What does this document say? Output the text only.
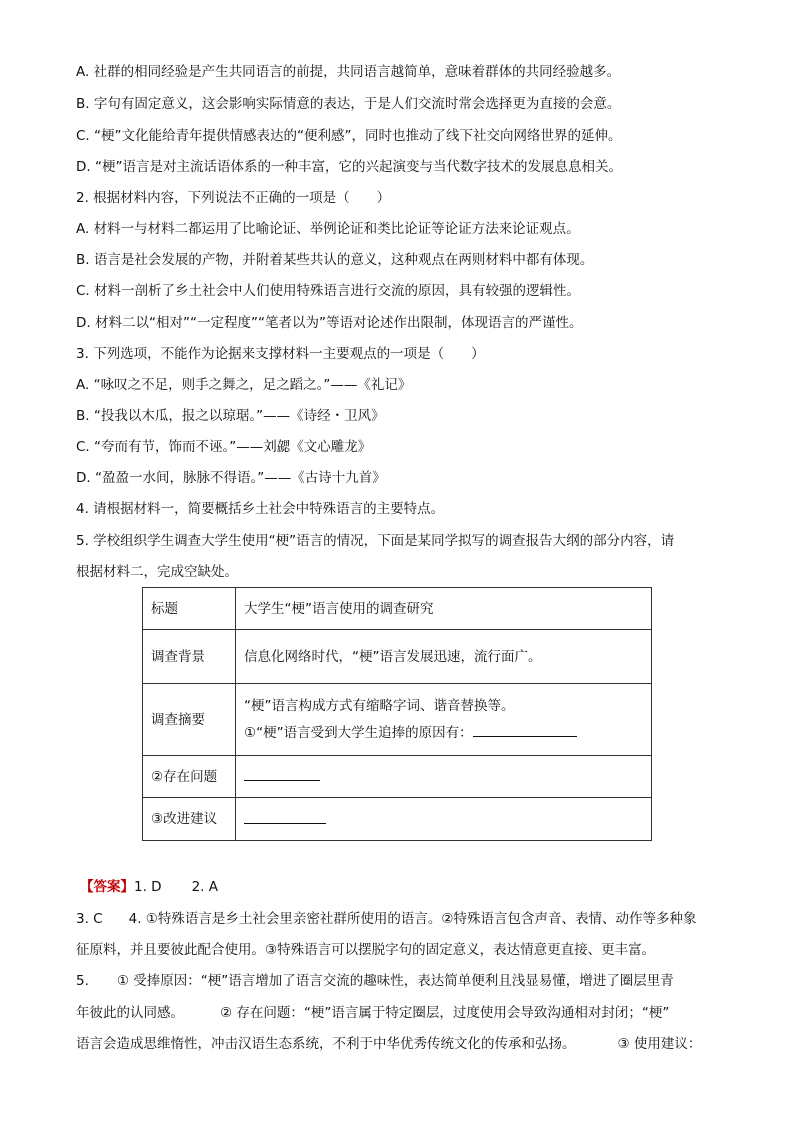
A. 社群的相同经验是产生共同语言的前提，共同语言越简单，意味着群体的共同经验越多。
B. 字句有固定意义，这会影响实际情意的表达，于是人们交流时常会选择更为直接的会意。
C. “梗”文化能给青年提供情感表达的“便利感”，同时也推动了线下社交向网络世界的延伸。
D. “梗”语言是对主流话语体系的一种丰富，它的兴起演变与当代数字技术的发展息息相关。
2. 根据材料内容，下列说法不正确的一项是（　　）
A. 材料一与材料二都运用了比喻论证、举例论证和类比论证等论证方法来论证观点。
B. 语言是社会发展的产物，并附着某些共认的意义，这种观点在两则材料中都有体现。
C. 材料一剖析了乡土社会中人们使用特殊语言进行交流的原因，具有较强的逻辑性。
D. 材料二以“相对”“一定程度”“笔者以为”等语对论述作出限制，体现语言的严谨性。
3. 下列选项，不能作为论据来支撑材料一主要观点的一项是（　　）
A. “咏叹之不足，则手之舞之，足之蹈之。”——《礼记》
B. “投我以木瓜，报之以琼琚。”——《诗经・卫风》
C. “夸而有节，饰而不诬。”——刘勰《文心雕龙》
D. “盈盈一水间，脉脉不得语。”——《古诗十九首》
4. 请根据材料一，简要概括乡土社会中特殊语言的主要特点。
5. 学校组织学生调查大学生使用“梗”语言的情况，下面是某同学拟写的调查报告大纲的部分内容，请
根据材料二，完成空缺处。
标题	大学生“梗”语言使用的调查研究
调查背景	信息化网络时代，“梗”语言发展迅速，流行面广。
调查摘要	“梗”语言构成方式有缩略字词、谐音替换等。
①“梗”语言受到大学生追捧的原因有：

②存在问题	
③改进建议	
【答案】1. D 2. A
3. C 4. ①特殊语言是乡土社会里亲密社群所使用的语言。②特殊语言包含声音、表情、动作等多种象
征原料，并且要彼此配合使用。③特殊语言可以摆脱字句的固定意义，表达情意更直接、更丰富。
5. ① 受捧原因：“梗”语言增加了语言交流的趣味性，表达简单便利且浅显易懂，增进了圈层里青
年彼此的认同感。	② 存在问题：“梗”语言属于特定圈层，过度使用会导致沟通相对封闭；“梗”
语言会造成思维惰性，冲击汉语生态系统，不利于中华优秀传统文化的传承和弘扬。	③ 使用建议：
